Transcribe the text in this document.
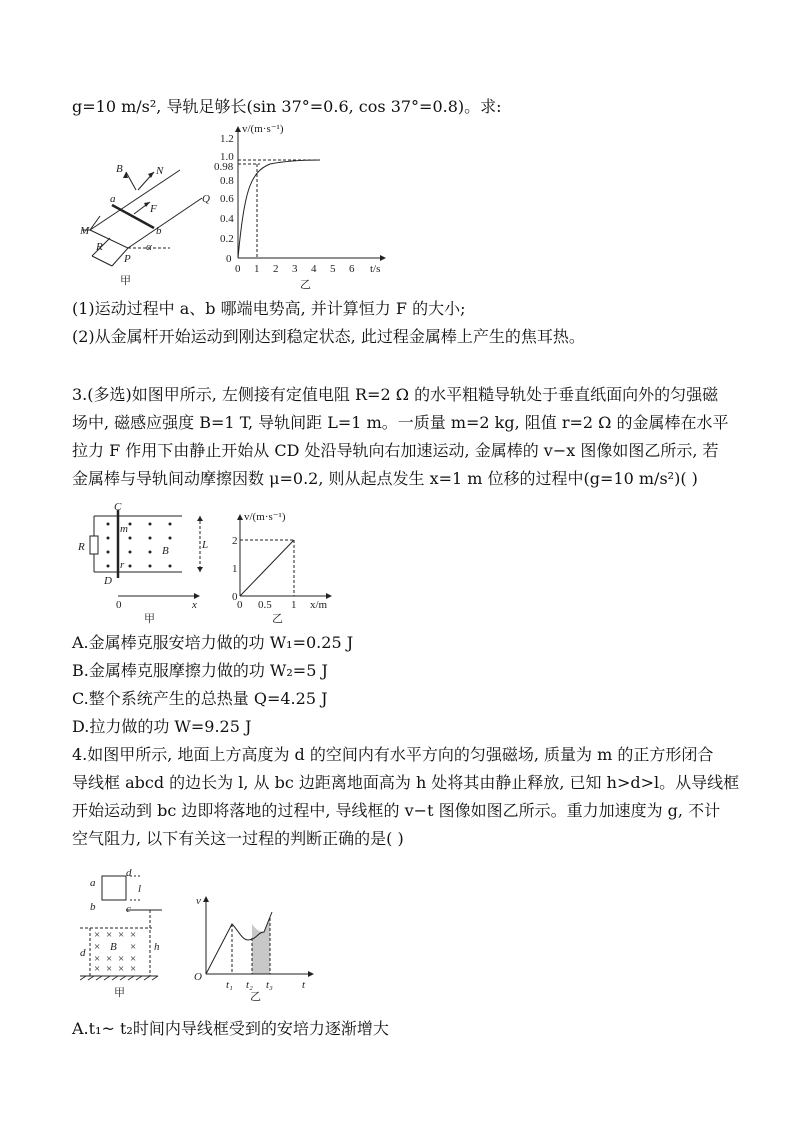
g=10 m/s², 导轨足够长(sin 37°=0.6, cos 37°=0.8)。求:
B	N
a
F
Q
M
R
b
α
P
甲
v/(m·s⁻¹)
t/s
0
0.2
0.4
0.6
0.8
0.98
1.0
1.2
0 1 2 3 4 5 6
乙
(1)运动过程中 a、b 哪端电势高, 并计算恒力 F 的大小;
(2)从金属杆开始运动到刚达到稳定状态, 此过程金属棒上产生的焦耳热。
3.(多选)如图甲所示, 左侧接有定值电阻 R=2 Ω 的水平粗糙导轨处于垂直纸面向外的匀强磁
场中, 磁感应强度 B=1 T, 导轨间距 L=1 m。一质量 m=2 kg, 阻值 r=2 Ω 的金属棒在水平
拉力 F 作用下由静止开始从 CD 处沿导轨向右加速运动, 金属棒的 v−x 图像如图乙所示, 若
金属棒与导轨间动摩擦因数 μ=0.2, 则从起点发生 x=1 m 位移的过程中(g=10 m/s²)( )
C
R
m
r
D
B	L
0	x
甲
v/(m·s⁻¹)
0
1
2
0 0.5 1 x/m
乙
A.金属棒克服安培力做的功 W₁=0.25 J
B.金属棒克服摩擦力做的功 W₂=5 J
C.整个系统产生的总热量 Q=4.25 J
D.拉力做的功 W=9.25 J
4.如图甲所示, 地面上方高度为 d 的空间内有水平方向的匀强磁场, 质量为 m 的正方形闭合
导线框 abcd 的边长为 l, 从 bc 边距离地面高为 h 处将其由静止释放, 已知 h>d>l。从导线框
开始运动到 bc 边即将落地的过程中, 导线框的 v−t 图像如图乙所示。重力加速度为 g, 不计
空气阻力, 以下有关这一过程的判断正确的是( )
a
d
l
b	c
B
d	h
× × × ×
×	×
× × × ×
× × × ×
甲
v
O
t₁ t₂ t₃	t
乙
A.t₁~ t₂时间内导线框受到的安培力逐渐增大
